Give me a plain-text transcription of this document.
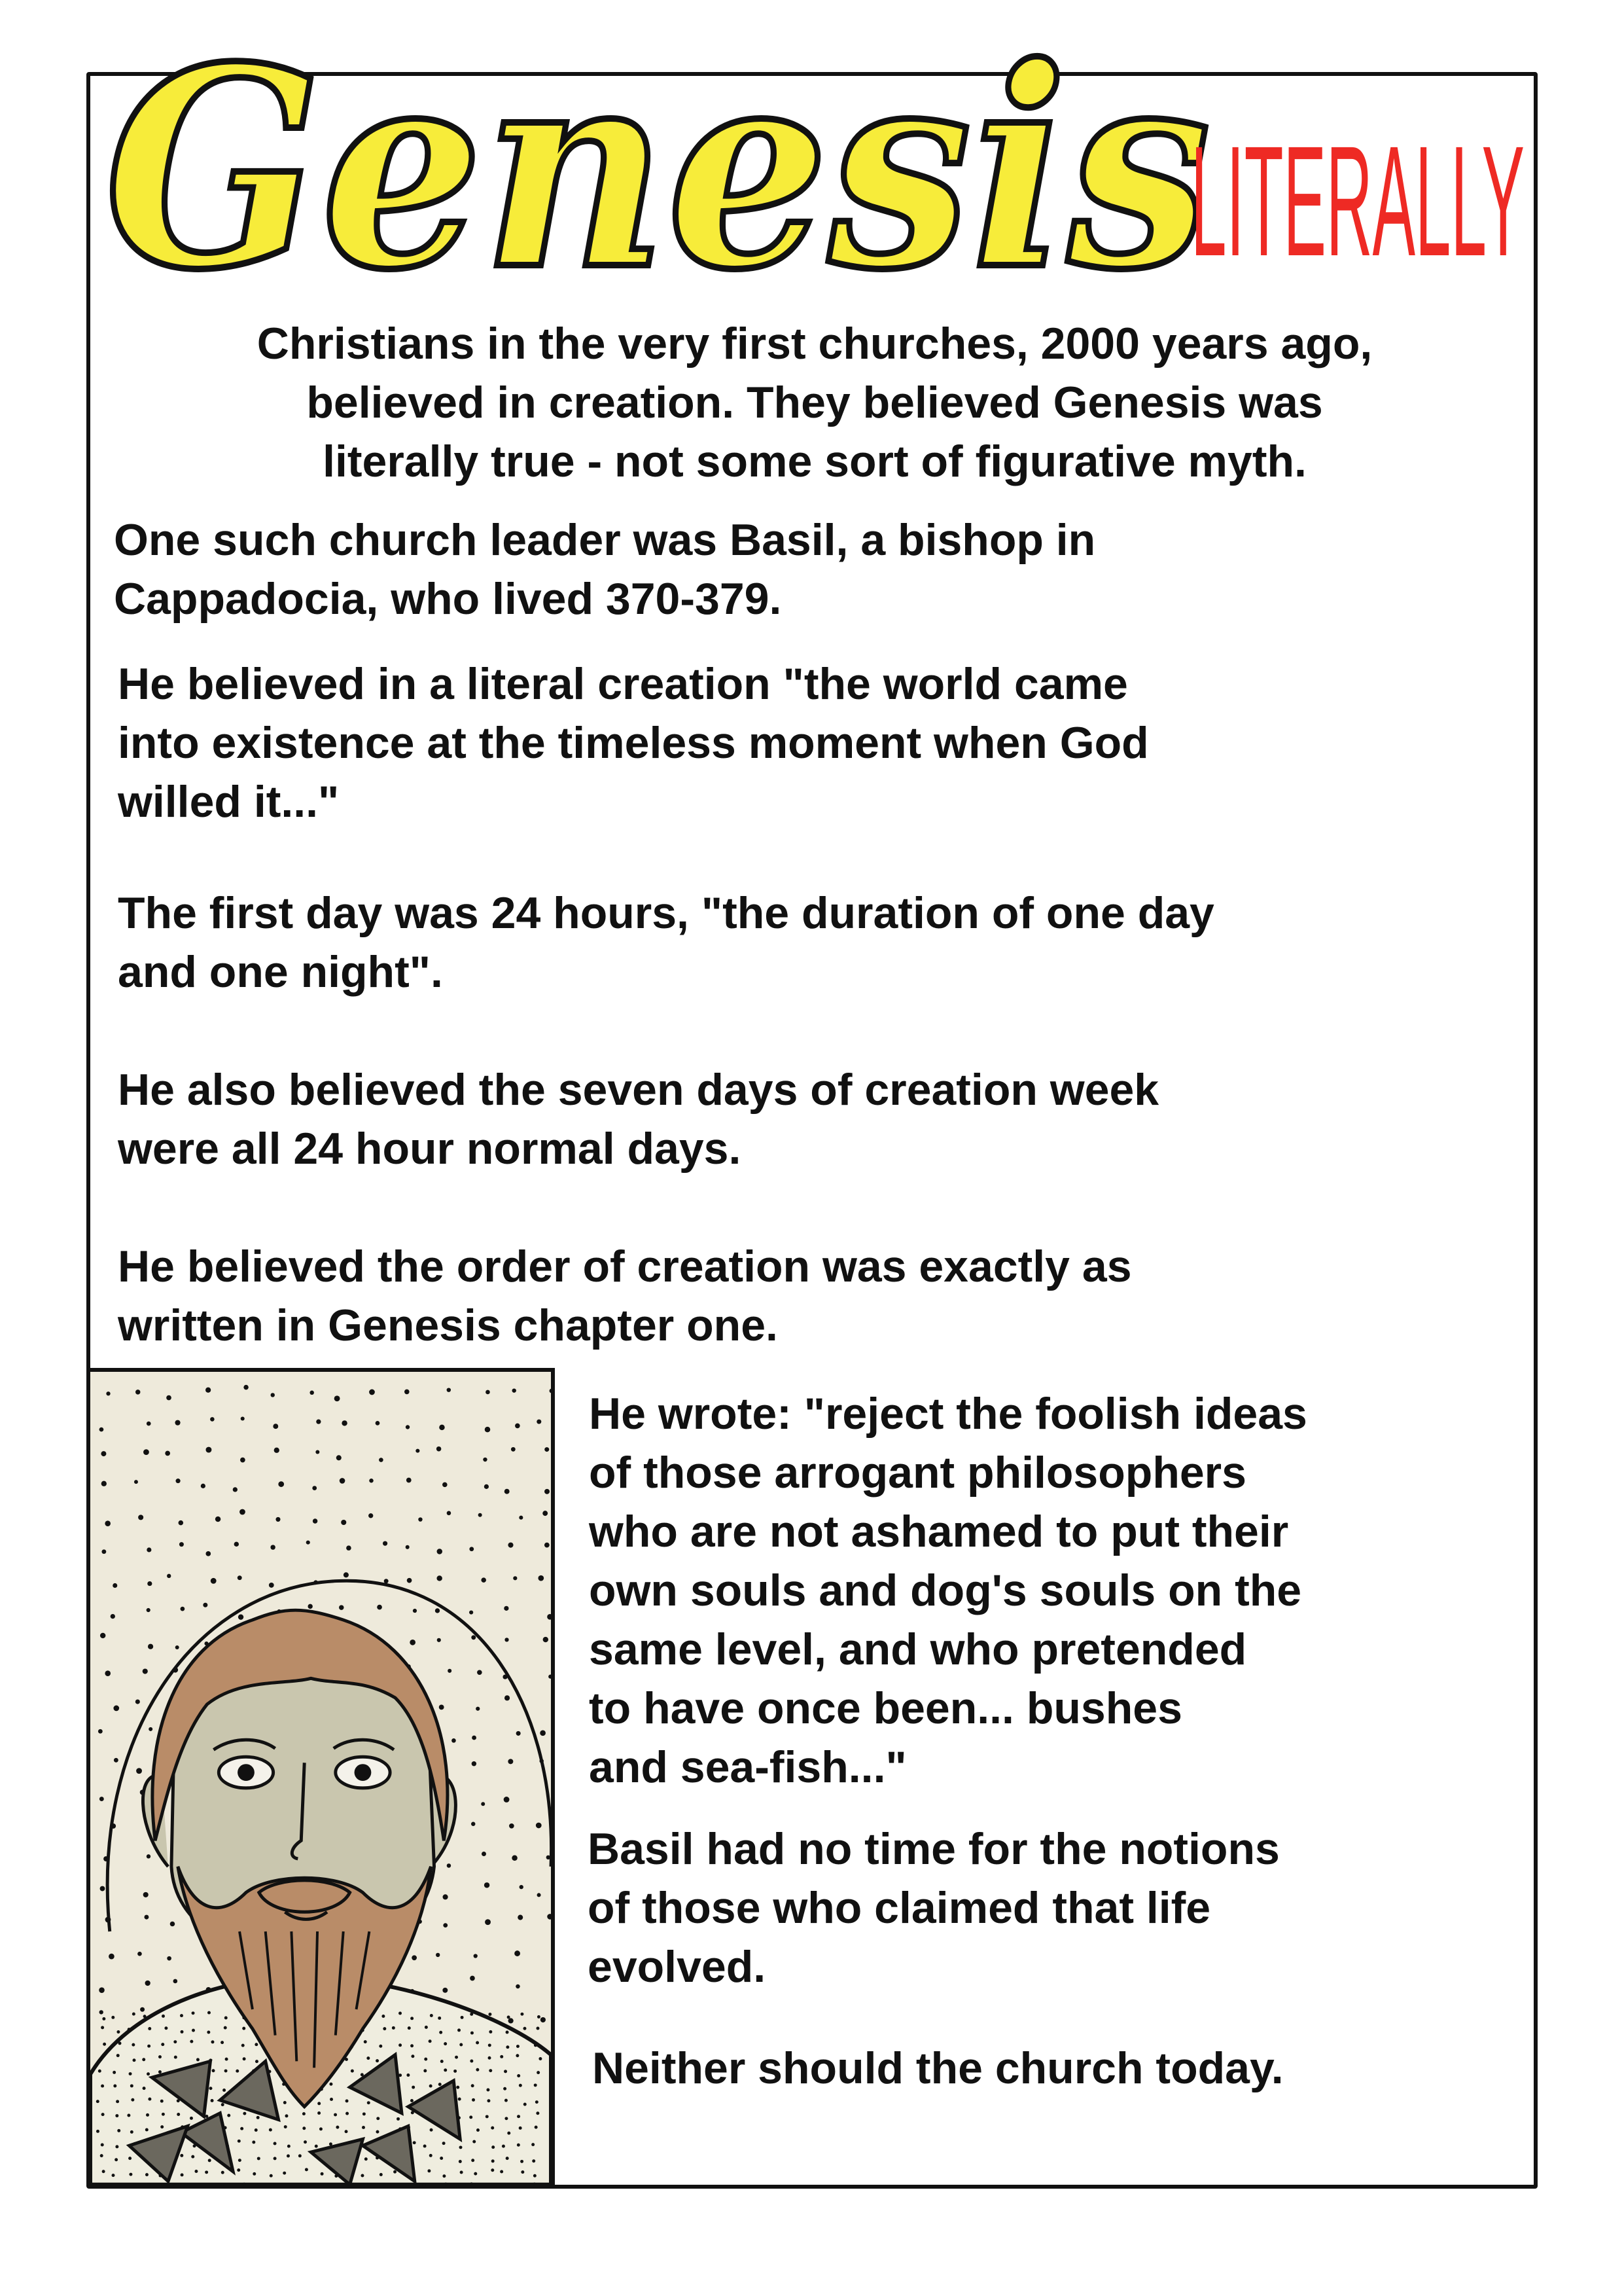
Genesis
LITERALLY
Christians in the very first churches, 2000 years ago,
believed in creation. They believed Genesis was
literally true - not some sort of figurative myth.
One such church leader was Basil, a bishop in
Cappadocia, who lived 370-379.
He believed in a literal creation "the world came
into existence at the timeless moment when God
willed it..."
The first day was 24 hours, "the duration of one day
and one night".
He also believed the seven days of creation week
were all 24 hour normal days.
He believed the order of creation was exactly as
written in Genesis chapter one.
He wrote: "reject the foolish ideas
of those arrogant philosophers
who are not ashamed to put their
own souls and dog's souls on the
same level, and who pretended
to have once been... bushes
and sea-fish..."
Basil had no time for the notions
of those who claimed that life
evolved.
Neither should the church today.
